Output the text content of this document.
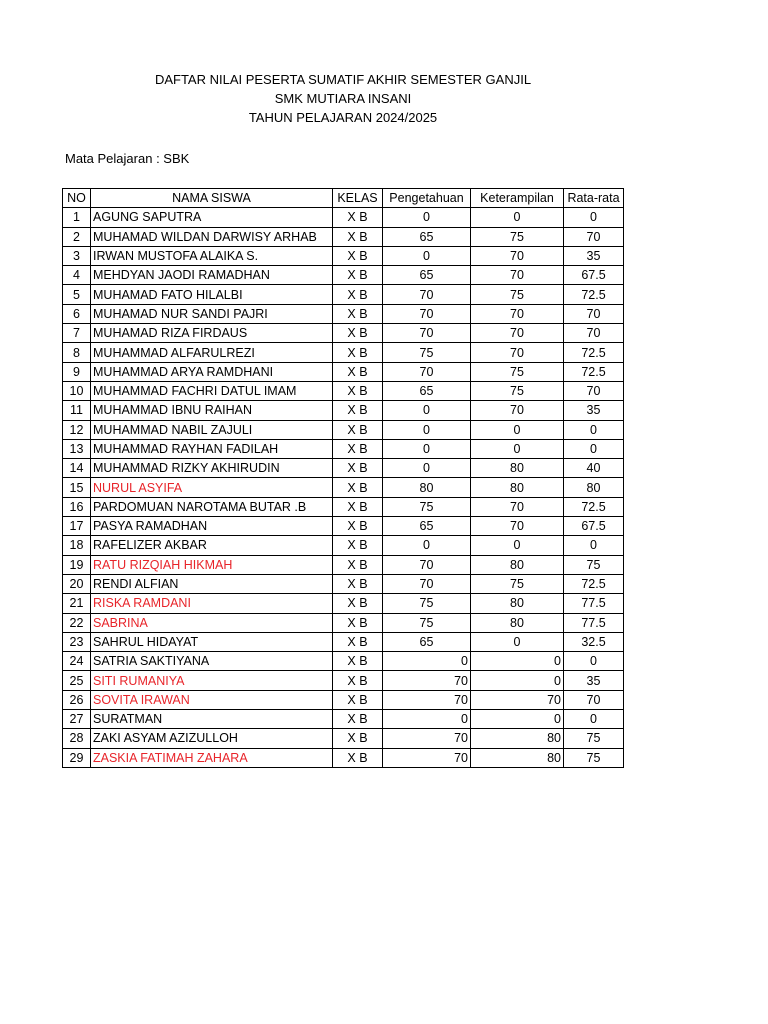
DAFTAR NILAI PESERTA SUMATIF AKHIR SEMESTER GANJIL
SMK MUTIARA INSANI
TAHUN PELAJARAN 2024/2025
Mata Pelajaran : SBK
NO	NAMA SISWA	KELAS	Pengetahuan	Keterampilan	Rata-rata
1	AGUNG SAPUTRA	X B	0	0	0
2	MUHAMAD WILDAN DARWISY ARHAB	X B	65	75	70
3	IRWAN MUSTOFA ALAIKA S.	X B	0	70	35
4	MEHDYAN JAODI RAMADHAN	X B	65	70	67.5
5	MUHAMAD FATO HILALBI	X B	70	75	72.5
6	MUHAMAD NUR SANDI PAJRI	X B	70	70	70
7	MUHAMAD RIZA FIRDAUS	X B	70	70	70
8	MUHAMMAD ALFARULREZI	X B	75	70	72.5
9	MUHAMMAD ARYA RAMDHANI	X B	70	75	72.5
10	MUHAMMAD FACHRI DATUL IMAM	X B	65	75	70
11	MUHAMMAD IBNU RAIHAN	X B	0	70	35
12	MUHAMMAD NABIL ZAJULI	X B	0	0	0
13	MUHAMMAD RAYHAN FADILAH	X B	0	0	0
14	MUHAMMAD RIZKY AKHIRUDIN	X B	0	80	40
15	NURUL ASYIFA	X B	80	80	80
16	PARDOMUAN NAROTAMA BUTAR .B	X B	75	70	72.5
17	PASYA RAMADHAN	X B	65	70	67.5
18	RAFELIZER AKBAR	X B	0	0	0
19	RATU RIZQIAH HIKMAH	X B	70	80	75
20	RENDI ALFIAN	X B	70	75	72.5
21	RISKA RAMDANI	X B	75	80	77.5
22	SABRINA	X B	75	80	77.5
23	SAHRUL HIDAYAT	X B	65	0	32.5
24	SATRIA SAKTIYANA	X B	0	0	0
25	SITI RUMANIYA	X B	70	0	35
26	SOVITA IRAWAN	X B	70	70	70
27	SURATMAN	X B	0	0	0
28	ZAKI ASYAM AZIZULLOH	X B	70	80	75
29	ZASKIA FATIMAH ZAHARA	X B	70	80	75
